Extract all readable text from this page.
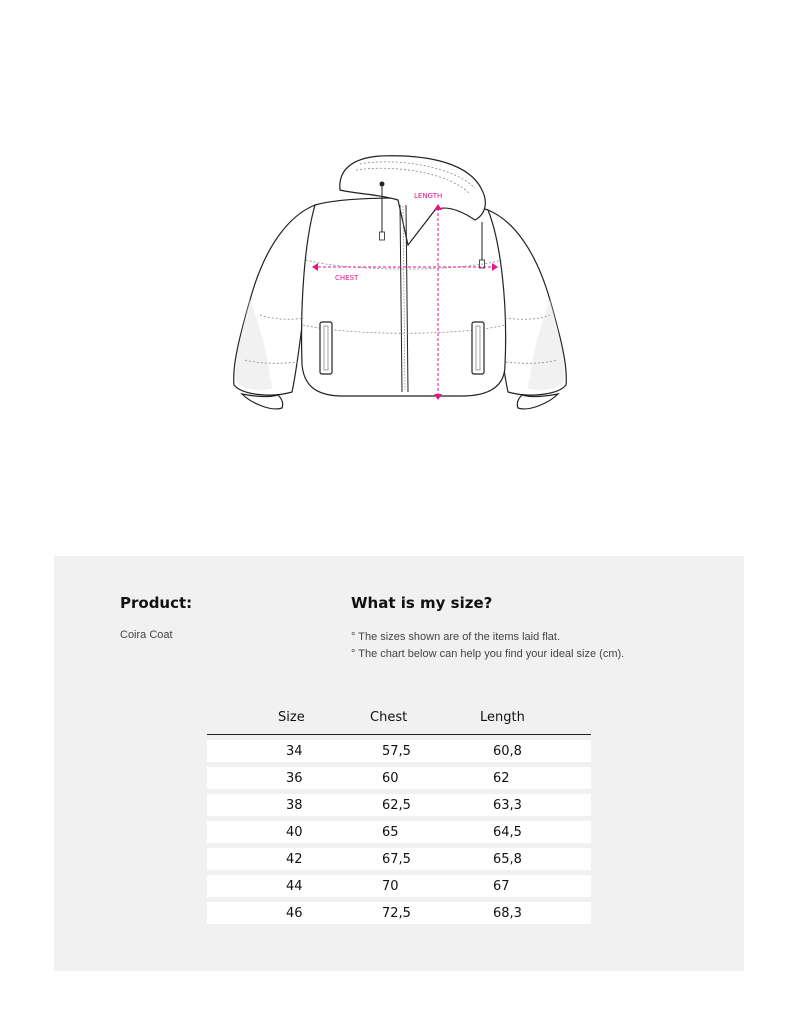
LENGTH
CHEST
Product:

Coira Coat

What is my size?
° The sizes shown are of the items laid flat.
° The chart below can help you find your ideal size (cm).
Size	Chest	Length
34	57,5	60,8
36	60	62
38	62,5	63,3
40	65	64,5
42	67,5	65,8
44	70	67
46	72,5	68,3
